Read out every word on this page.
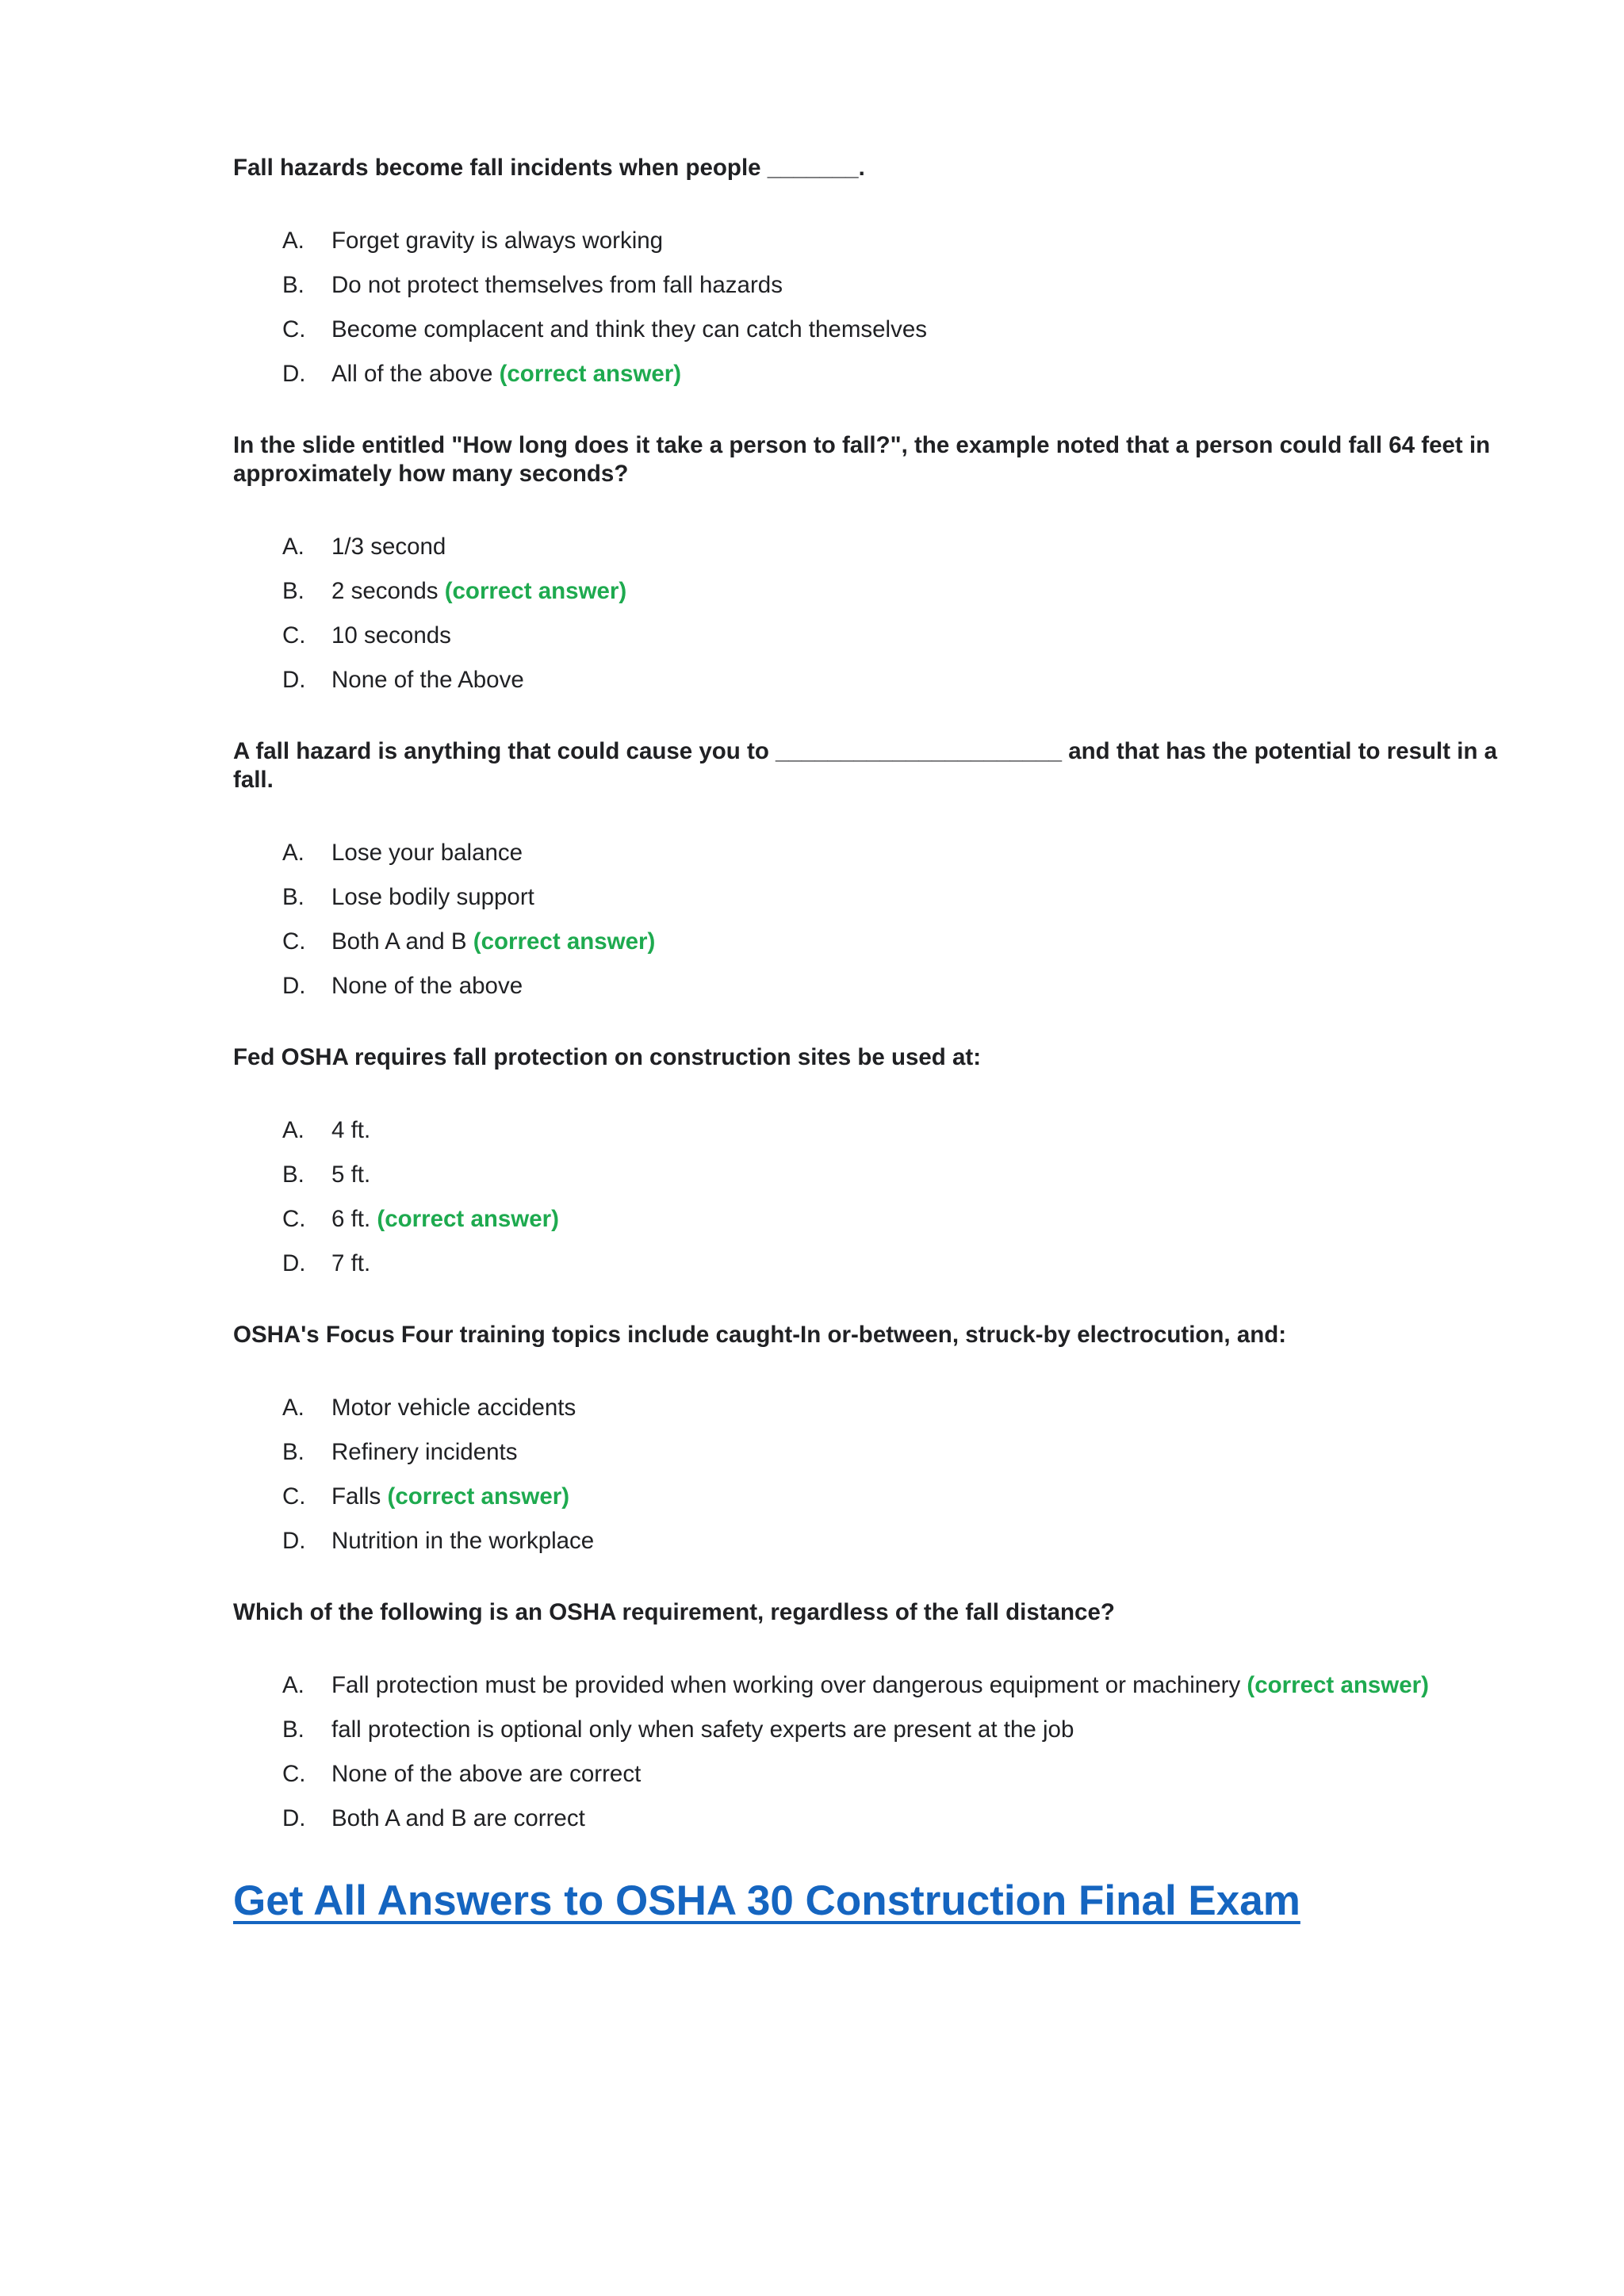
Fall hazards become fall incidents when people _______.
A.	Forget gravity is always working
B.	Do not protect themselves from fall hazards
C.	Become complacent and think they can catch themselves
D.	All of the above (correct answer)
In the slide entitled "How long does it take a person to fall?", the example noted that a person could fall 64 feet in approximately how many seconds?
A.	1/3 second
B.	2 seconds (correct answer)
C.	10 seconds
D.	None of the Above
A fall hazard is anything that could cause you to ______________________ and that has the potential to result in a fall.
A.	Lose your balance
B.	Lose bodily support
C.	Both A and B (correct answer)
D.	None of the above
Fed OSHA requires fall protection on construction sites be used at:
A.	4 ft.
B.	5 ft.
C.	6 ft. (correct answer)
D.	7 ft.
OSHA's Focus Four training topics include caught-In or-between, struck-by electrocution, and:
A.	Motor vehicle accidents
B.	Refinery incidents
C.	Falls (correct answer)
D.	Nutrition in the workplace
Which of the following is an OSHA requirement, regardless of the fall distance?
A.	Fall protection must be provided when working over dangerous equipment or machinery (correct answer)
B.	fall protection is optional only when safety experts are present at the job
C.	None of the above are correct
D.	Both A and B are correct
Get All Answers to OSHA 30 Construction Final Exam
